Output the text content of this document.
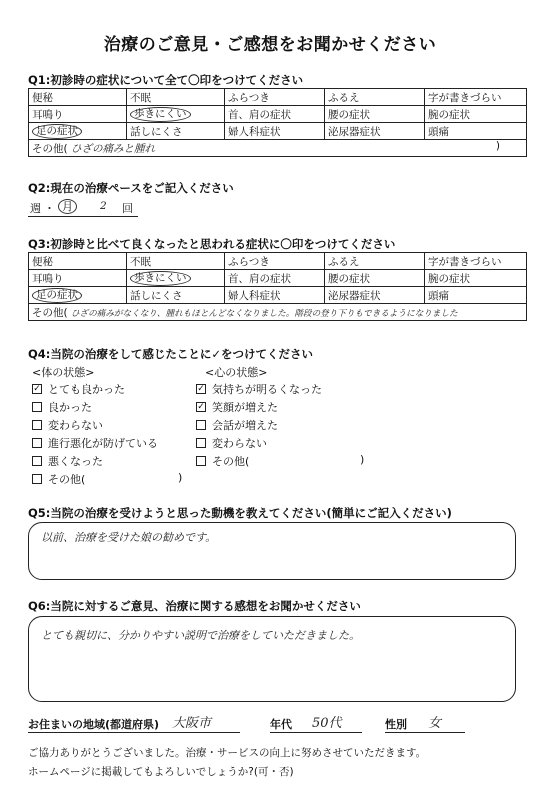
治療のご意見・ご感想をお聞かせください
Q1:初診時の症状について全て〇印をつけてください
便秘	不眠	ふらつき	ふるえ	字が書きづらい
耳鳴り	歩きにくい	首、肩の症状	腰の症状	腕の症状
足の症状	話しにくさ	婦人科症状	泌尿器症状	頭痛
その他( ひざの痛みと腫れ )				
Q2:現在の治療ペースをご記入ください
週 ・ 月	2 回
Q3:初診時と比べて良くなったと思われる症状に〇印をつけてください
便秘	不眠	ふらつき	ふるえ	字が書きづらい
耳鳴り	歩きにくい	首、肩の症状	腰の症状	腕の症状
足の症状	話しにくさ	婦人科症状	泌尿器症状	頭痛
その他( ひざの痛みがなくなり、腫れもほとんどなくなりました。階段の登り下りもできるようになりました				
Q4:当院の治療をして感じたことに✓をつけてください
<体の状態>	<心の状態>
✓ とても良かった
良かった
変わらない
進行悪化が防げている
悪くなった
その他(	)
✓ 気持ちが明るくなった
✓ 笑顔が増えた
会話が増えた
変わらない
その他(	)
Q5:当院の治療を受けようと思った動機を教えてください(簡単にご記入ください)
以前、治療を受けた娘の勧めです。
Q6:当院に対するご意見、治療に関する感想をお聞かせください
とても親切に、分かりやすい説明で治療をしていただきました。
お住まいの地域(都道府県) 大阪市	年代 50代	性別 女
ご協力ありがとうございました。治療・サービスの向上に努めさせていただきます。
ホームページに掲載してもよろしいでしょうか?(可・否)
